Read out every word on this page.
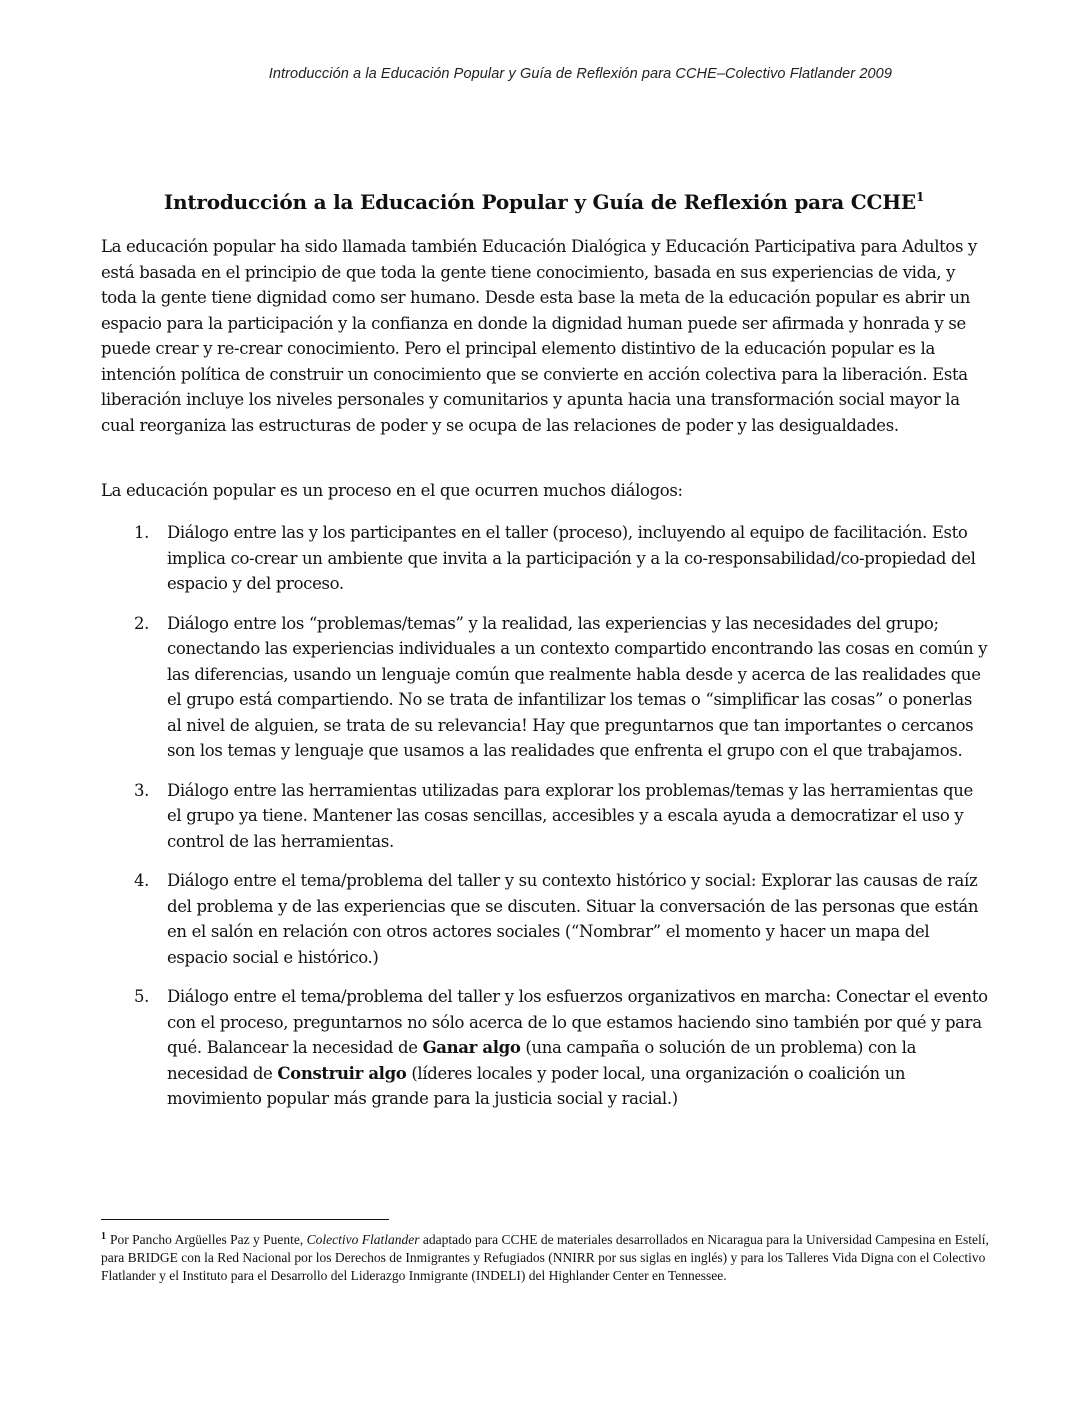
Introducción a la Educación Popular y Guía de Reflexión para CCHE–Colectivo Flatlander 2009
Introducción a la Educación Popular y Guía de Reflexión para CCHE$^1$

La educación popular ha sido llamada también Educación Dialógica y Educación Participativa para Adultos y está basada en el principio de que toda la gente tiene conocimiento, basada en sus experiencias de vida, y toda la gente tiene dignidad como ser humano. Desde esta base la meta de la educación popular es abrir un espacio para la participación y la confianza en donde la dignidad human puede ser afirmada y honrada y se puede crear y re-crear conocimiento. Pero el principal elemento distintivo de la educación popular es la intención política de construir un conocimiento que se convierte en acción colectiva para la liberación. Esta liberación incluye los niveles personales y comunitarios y apunta hacia una transformación social mayor la cual reorganiza las estructuras de poder y se ocupa de las relaciones de poder y las desigualdades.

La educación popular es un proceso en el que ocurren muchos diálogos:

1. Diálogo entre las y los participantes en el taller (proceso), incluyendo al equipo de facilitación. Esto implica co-crear un ambiente que invita a la participación y a la co-responsabilidad/co-propiedad del espacio y del proceso.
2. Diálogo entre los “problemas/temas” y la realidad, las experiencias y las necesidades del grupo; conectando las experiencias individuales a un contexto compartido encontrando las cosas en común y las diferencias, usando un lenguaje común que realmente habla desde y acerca de las realidades que el grupo está compartiendo. No se trata de infantilizar los temas o “simplificar las cosas” o ponerlas al nivel de alguien, se trata de su relevancia! Hay que preguntarnos que tan importantes o cercanos son los temas y lenguaje que usamos a las realidades que enfrenta el grupo con el que trabajamos.
3. Diálogo entre las herramientas utilizadas para explorar los problemas/temas y las herramientas que el grupo ya tiene. Mantener las cosas sencillas, accesibles y a escala ayuda a democratizar el uso y control de las herramientas.
4. Diálogo entre el tema/problema del taller y su contexto histórico y social: Explorar las causas de raíz del problema y de las experiencias que se discuten. Situar la conversación de las personas que están en el salón en relación con otros actores sociales (“Nombrar” el momento y hacer un mapa del espacio social e histórico.)
5. Diálogo entre el tema/problema del taller y los esfuerzos organizativos en marcha: Conectar el evento con el proceso, preguntarnos no sólo acerca de lo que estamos haciendo sino también por qué y para qué. Balancear la necesidad de Ganar algo (una campaña o solución de un problema) con la necesidad de Construir algo (líderes locales y poder local, una organización o coalición un movimiento popular más grande para la justicia social y racial.)

$^1$ Por Pancho Argüelles Paz y Puente, Colectivo Flatlander adaptado para CCHE de materiales desarrollados en Nicaragua para la Universidad Campesina en Estelí, para BRIDGE con la Red Nacional por los Derechos de Inmigrantes y Refugiados (NNIRR por sus siglas en inglés) y para los Talleres Vida Digna con el Colectivo Flatlander y el Instituto para el Desarrollo del Liderazgo Inmigrante (INDELI) del Highlander Center en Tennessee.
